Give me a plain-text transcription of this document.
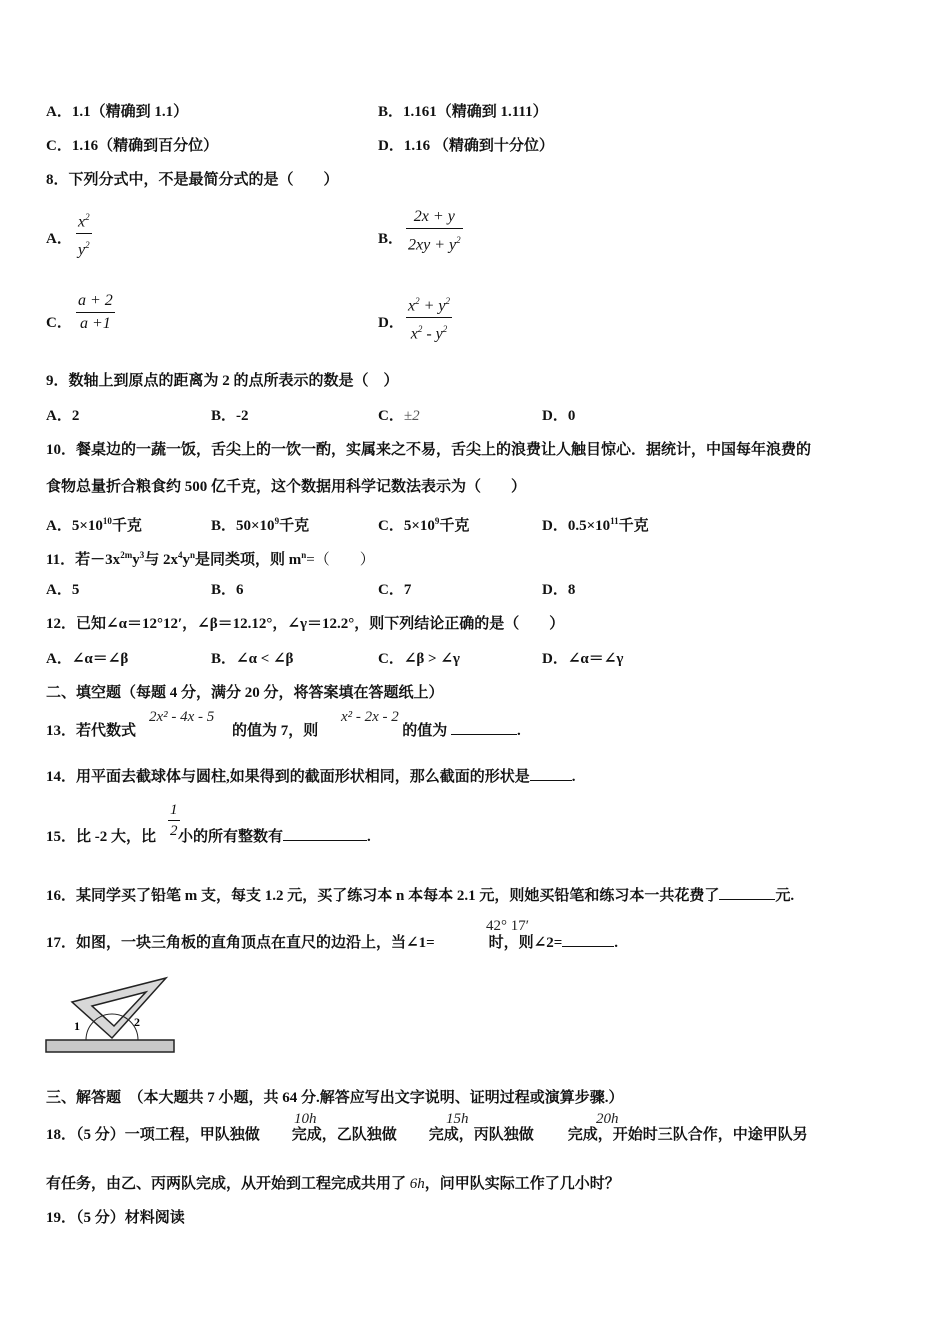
A．1.1（精确到 1.1）	B．1.161（精确到 1.111）
C．1.16（精确到百分位）	D．1.16 （精确到十分位）
8．下列分式中，不是最简分式的是（　　）
A．
$x^2$
$y^2$	B．
2x + y
$2xy + y^2$
C．
a + 2
a +1	D．
$x^2 + y^2$
$x^2 - y^2$
9．数轴上到原点的距离为 2 的点所表示的数是（　）
A．2	B．-2	C．±2	D．0
10．餐桌边的一蔬一饭，舌尖上的一饮一酌，实属来之不易，舌尖上的浪费让人触目惊心．据统计，中国每年浪费的
食物总量折合粮食约 500 亿千克，这个数据用科学记数法表示为（　　）
A．$5\times 10^{10}$千克	B．$50\times 10^9$千克	C．$5\times 10^9$千克	D．$0.5\times 10^{11}$千克
11．若$-3x^{2m}y^3$与 $2x^4y^n$是同类项，则 $m^n=$（　　）
A．5	B．6	C．7	D．8
12．已知∠α＝12°12′，∠β＝12.12°，∠γ＝12.2°，则下列结论正确的是（　　）
A．∠α＝∠β	B．∠α < ∠β	C．∠β > ∠γ	D．∠α＝∠γ
二、填空题（每题 4 分，满分 20 分，将答案填在答题纸上）
13．若代数式	的值为 7，则	的值为	.
2x² - 4x - 5	x² - 2x - 2
14．用平面去截球体与圆柱,如果得到的截面形状相同，那么截面的形状是	.
15．比 -2 大，比 小的所有整数有	.
1
2
16．某同学买了铅笔 m 支，每支 1.2 元，买了练习本 n 本每本 2.1 元，则她买铅笔和练习本一共花费了	元.
17．如图，一块三角板的直角顶点在直尺的边沿上，当∠1=	时，则∠2=	.
42° 17′
1	2
三、解答题　（本大题共 7 小题，共 64 分.解答应写出文字说明、证明过程或演算步骤.）
18．（5 分）一项工程，甲队独做 完成，乙队独做 完成，丙队独做 完成，开始时三队合作，中途甲队另
10h	15h	20h
有任务，由乙、丙两队完成，从开始到工程完成共用了 6h，问甲队实际工作了几小时？
19．（5 分）材料阅读
